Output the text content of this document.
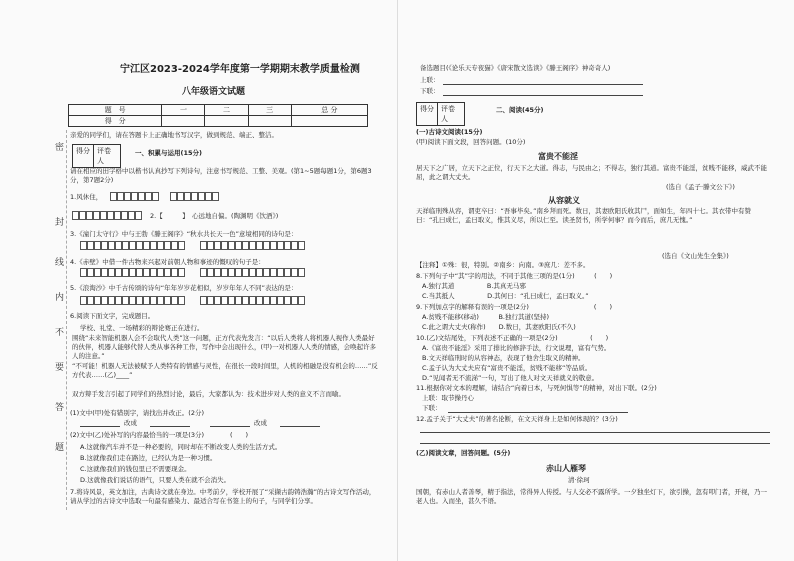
宁江区2023-2024学年度第一学期期末教学质量检测
八年级语文试题
题　号	一	二	三	总 分
得　分				
密
封
线
内
不
要
答
题
亲爱的同学们，请在答题卡上正确地书写汉字，做到规范、端正、整洁。
得分	评卷人
一、积累与运用(15分)
请在相应的田字格中以楷书认真抄写下列诗句，注意书写规范、工整、美观。(第1~5题每题1分，第6题3分，第7题2分)
1.风休住，
2.【　　　】　心远地自偏。(陶渊明《饮酒》)
3.《潼门太守行》中与王勃《滕王阁序》“秋水共长天一色”意境相同的诗句是：
4.《赤壁》中借一件古物来兴起对前朝人物和事迹的慨叹的句子是：
5.《浪淘沙》中千古传颂的诗句“年年岁岁花相似，岁岁年年人不同”表达的是：
6.阅读下面文字，完成题目。
学校、礼堂、一场精彩的辩论赛正在进行。
围绕“未来智能机器人会不会取代人类”这一问题，正方代表先发言：“以后人类将人将机器人视作人类最好的伙伴，机器人能够代替人类从事各种工作，写作中会出现什么，(甲)一对机器人人类的情感，会唤起许多人的注意。”
“不可能！机器人无法被赋予人类特有的情感与灵性，在很长一段时间里，人机的相融是没有机会的……”反方代表……(乙)____”
双方辩手发言引起了同学们的热烈讨论，最后，大家都认为：技术进步对人类的意义不言而喻。
(1)文中(甲)处有错别字，请找出并改正。(2分)
改成	改成
(2)文中(乙)处补写的内容最恰当的一项是(3分)　　　　(　　)
A.这就像汽车并不是一种必要的，同时却在不断改变人类的生活方式。
B.这就像我们走在路边，已经认为是一种习惯。
C.这就像我们的钱包里已不需要现金。
D.这就像我们说话的语气，只要人类在就不会消失。
7.将诗风景，英文加注，古典诗文就在身边。中考前夕，学校开展了“采撷古韵铸浩瀚”的古诗文写作活动，请从学过的古诗文中选取一句最有感染力、最适合写在书签上的句子，与同学们分享。
备选题目(《论乐天专夜猫》《唐宋散文选读》《滕王阁序》神奇奇人)
上联：
下联：
得分	评卷人
二、阅读(45分)
(一)古诗文阅读(15分)
(甲)阅读下面文段，回答问题。(10分)
富贵不能淫
居天下之广居，立天下之正位，行天下之大道。得志，与民由之；不得志，独行其道。富贵不能淫，贫贱不能移，威武不能屈，此之谓大丈夫。
(选自《孟子·滕文公下》)
从容就义
天祥临刑殊从容，谓吏卒曰：“吾事毕矣。”南乡拜而死。数日，其妻欧阳氏收其尸，面如生，年四十七。其衣带中有赞曰：“孔曰成仁，孟曰取义，惟其义尽，所以仁至。读圣贤书，所学何事？而今而后，庶几无愧。”
(选自《文山先生全集》)
【注释】①殊：很，特别。②南乡：向南。③庶几：差不多。
8.下列句子中“其”字的用法，不同于其他三项的是(1分)　　　(　　)
A.独行其道　　　　　B.其真无马邪
C.当其抵人　　　　　D.其何曰：“孔曰成仁，孟曰取义。”
9.下列加点字的解释有误的一项是(2分)　　　　　　　　　　(　　)
A.贫贱不能移(移动)　　　B.独行其道(坚持)
C.此之谓大丈夫(称作)　　D.数日，其妻欧阳氏(不久)
10.(乙)文结尾处，下列表述不正确的一项是(2分)　　　　　(　　)
A.《富贵不能淫》采用了排比的修辞手法，行文说理，富有气势。
B.文天祥临刑时的从容神态，表现了他舍生取义的精神。
C.孟子认为大丈夫应有“富贵不能淫，贫贱不能移”等品质。
D.“见闻者无不流涕”一句，写出了他人对文天祥就义的敬意。
11.根据你对文本的理解，请结合“向着日本，与死何惧等”的精神，对出下联。(2分)
上联：取节操丹心
下联：
12.孟子关于“大丈夫”的著名论断，在文天祥身上是如何体现的？(3分)
(乙)阅读文章，回答问题。(5分)
赤山人雁琴
清·徐珂
国朝，有赤山人者善琴，精于指法，常得异人传授。与人交必不露所学。一夕独坐灯下，欲引操，忽有叩门者，开视，乃一老人也。入而坐，甚久不语。
